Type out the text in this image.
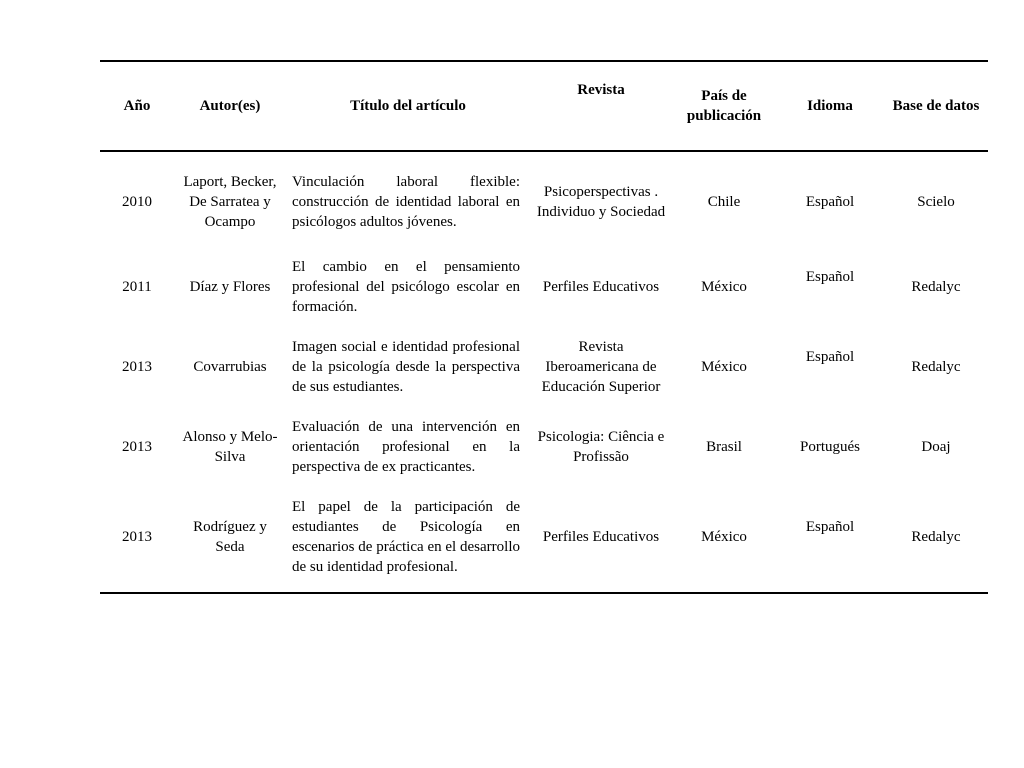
Año	Autor(es)	Título del artículo	Revista	País de publicación	Idioma	Base de datos
2010	Laport, Becker, De Sarratea y Ocampo	Vinculación laboral flexible: construcción de identidad laboral en psicólogos adultos jóvenes.	Psicoperspectivas . Individuo y Sociedad	Chile	Español	Scielo
2011	Díaz y Flores	El cambio en el pensamiento profesional del psicólogo escolar en formación.	Perfiles Educativos	México	Español	Redalyc
2013	Covarrubias	Imagen social e identidad profesional de la psicología desde la perspectiva de sus estudiantes.	Revista Iberoamericana de Educación Superior	México	Español	Redalyc
2013	Alonso y Melo-Silva	Evaluación de una intervención en orientación profesional en la perspectiva de ex practicantes.	Psicologia: Ciência e Profissão	Brasil	Portugués	Doaj
2013	Rodríguez y Seda	El papel de la participación de estudiantes de Psicología en escenarios de práctica en el desarrollo de su identidad profesional.	Perfiles Educativos	México	Español	Redalyc
